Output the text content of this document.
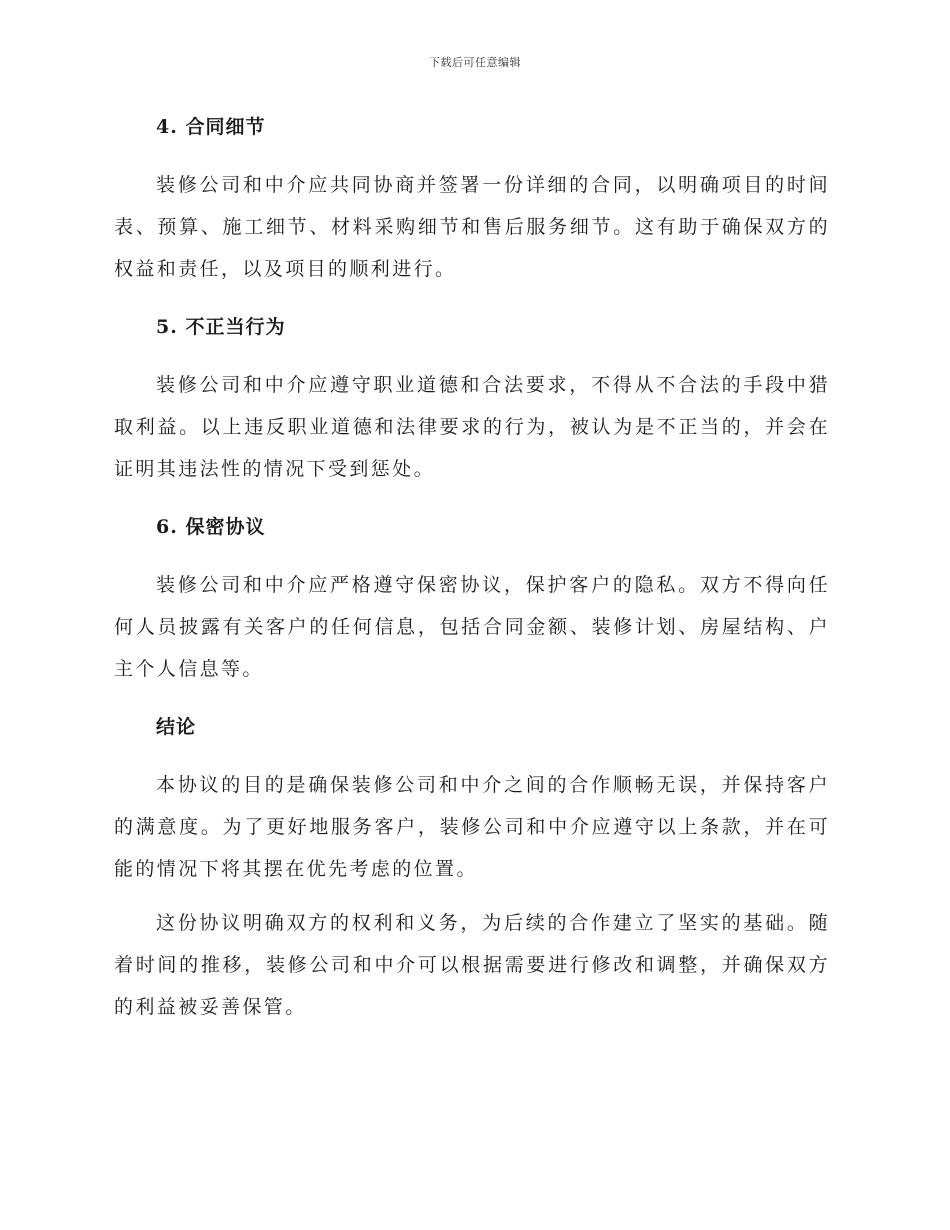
下载后可任意编辑
4. 合同细节

装修公司和中介应共同协商并签署一份详细的合同，以明确项目的时间表、预算、施工细节、材料采购细节和售后服务细节。这有助于确保双方的权益和责任，以及项目的顺利进行。

5. 不正当行为

装修公司和中介应遵守职业道德和合法要求，不得从不合法的手段中猎取利益。以上违反职业道德和法律要求的行为，被认为是不正当的，并会在证明其违法性的情况下受到惩处。

6. 保密协议

装修公司和中介应严格遵守保密协议，保护客户的隐私。双方不得向任何人员披露有关客户的任何信息，包括合同金额、装修计划、房屋结构、户主个人信息等。

结论

本协议的目的是确保装修公司和中介之间的合作顺畅无误，并保持客户的满意度。为了更好地服务客户，装修公司和中介应遵守以上条款，并在可能的情况下将其摆在优先考虑的位置。

这份协议明确双方的权利和义务，为后续的合作建立了坚实的基础。随着时间的推移，装修公司和中介可以根据需要进行修改和调整，并确保双方的利益被妥善保管。
